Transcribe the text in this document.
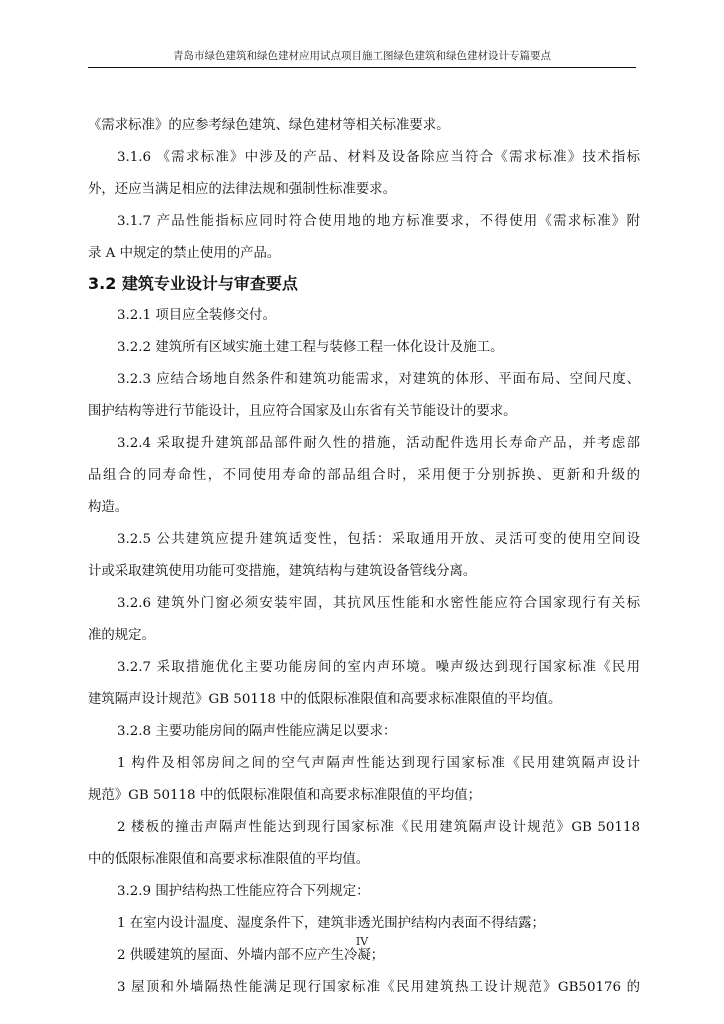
青岛市绿色建筑和绿色建材应用试点项目施工图绿色建筑和绿色建材设计专篇要点
《需求标准》的应参考绿色建筑、绿色建材等相关标准要求。
3.1.6 《需求标准》中涉及的产品、材料及设备除应当符合《需求标准》技术指标
外，还应当满足相应的法律法规和强制性标准要求。
3.1.7 产品性能指标应同时符合使用地的地方标准要求，不得使用《需求标准》附
录 A 中规定的禁止使用的产品。
3.2 建筑专业设计与审查要点
3.2.1 项目应全装修交付。
3.2.2 建筑所有区域实施土建工程与装修工程一体化设计及施工。
3.2.3 应结合场地自然条件和建筑功能需求，对建筑的体形、平面布局、空间尺度、
围护结构等进行节能设计，且应符合国家及山东省有关节能设计的要求。
3.2.4 采取提升建筑部品部件耐久性的措施，活动配件选用长寿命产品，并考虑部
品组合的同寿命性，不同使用寿命的部品组合时，采用便于分别拆换、更新和升级的
构造。
3.2.5 公共建筑应提升建筑适变性，包括：采取通用开放、灵活可变的使用空间设
计或采取建筑使用功能可变措施，建筑结构与建筑设备管线分离。
3.2.6 建筑外门窗必须安装牢固，其抗风压性能和水密性能应符合国家现行有关标
准的规定。
3.2.7 采取措施优化主要功能房间的室内声环境。噪声级达到现行国家标准《民用
建筑隔声设计规范》GB 50118 中的低限标准限值和高要求标准限值的平均值。
3.2.8 主要功能房间的隔声性能应满足以要求：
1 构件及相邻房间之间的空气声隔声性能达到现行国家标准《民用建筑隔声设计
规范》GB 50118 中的低限标准限值和高要求标准限值的平均值；
2 楼板的撞击声隔声性能达到现行国家标准《民用建筑隔声设计规范》GB 50118
中的低限标准限值和高要求标准限值的平均值。
3.2.9 围护结构热工性能应符合下列规定：
1 在室内设计温度、湿度条件下，建筑非透光围护结构内表面不得结露；
2 供暖建筑的屋面、外墙内部不应产生冷凝；
3 屋顶和外墙隔热性能满足现行国家标准《民用建筑热工设计规范》GB50176 的
IV
